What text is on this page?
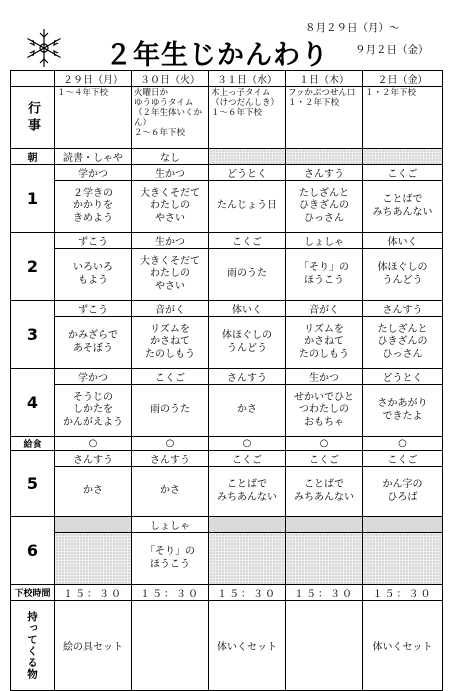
２年生じかんわり
８月２９日（月）～
９月２日（金）
	２９日（月）	３０日（火）	３１日（水）	１日（木）	２日（金）

行事	１～４年下校	火曜日か
ゆうゆうタイム
（２年生体いくか
ん）
２～６年下校	木上っ子タイム
（けつだんしき）
１～６年下校	フッかぶつせん口
１・２年下校	１・２年下校
朝	読書・しゃや	なし			
1	学かつ	生かつ	どうとく	さんすう	こくご
	２学きの
かかりを
きめよう	大きくそだて
わたしの
やさい	たんじょう日	たしざんと
ひきざんの
ひっさん	ことばで
みちあんない
2	ずこう	生かつ	こくご	しょしゃ	体いく
	いろいろ
もよう	大きくそだて
わたしの
やさい	雨のうた	「そり」の
ほうこう	体ほぐしの
うんどう
3	ずこう	音がく	体いく	音がく	さんすう
	かみざらで
あそぼう	リズムを
かさねて
たのしもう	体ほぐしの
うんどう	リズムを
かさねて
たのしもう	たしざんと
ひきざんの
ひっさん
4	学かつ	こくご	さんすう	生かつ	どうとく
	そうじの
しかたを
かんがえよう	雨のうた	かさ	せかいでひと
つわたしの
おもちゃ	さかあがり
できたよ
給食	○	○	○	○	○
5	さんすう	さんすう	こくご	こくご	こくご
	かさ	かさ	ことばで
みちあんない	ことばで
みちあんない	かん字の
ひろば
6		しょしゃ			
		「そり」の
ほうこう			
下校時間	１５：３０	１５：３０	１５：３０	１５：３０	１５：３０

持ってくる物	絵の具セット		体いくセット		体いくセット
